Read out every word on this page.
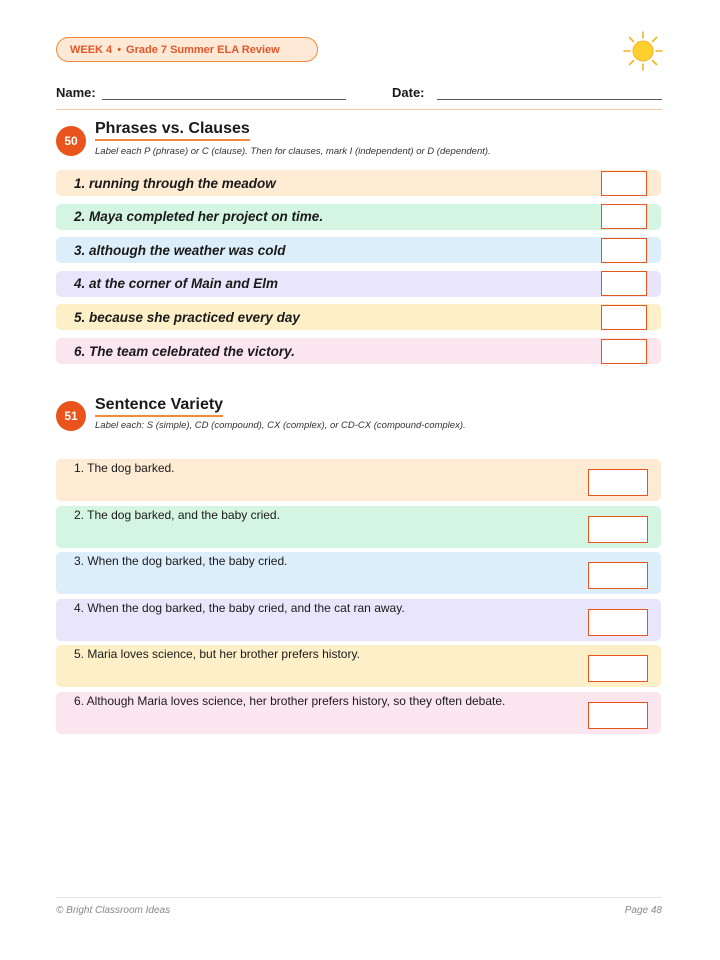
WEEK 4 • Grade 7 Summer ELA Review
Name:	Date:
50
Phrases vs. Clauses
Label each P (phrase) or C (clause). Then for clauses, mark I (independent) or D (dependent).
51
Sentence Variety
Label each: S (simple), CD (compound), CX (complex), or CD-CX (compound-complex).
© Bright Classroom Ideas	Page 48
1. running through the meadow
2. Maya completed her project on time.
3. although the weather was cold
4. at the corner of Main and Elm
5. because she practiced every day
6. The team celebrated the victory.
1. The dog barked.
2. The dog barked, and the baby cried.
3. When the dog barked, the baby cried.
4. When the dog barked, the baby cried, and the cat ran away.
5. Maria loves science, but her brother prefers history.
6. Although Maria loves science, her brother prefers history, so they often debate.
